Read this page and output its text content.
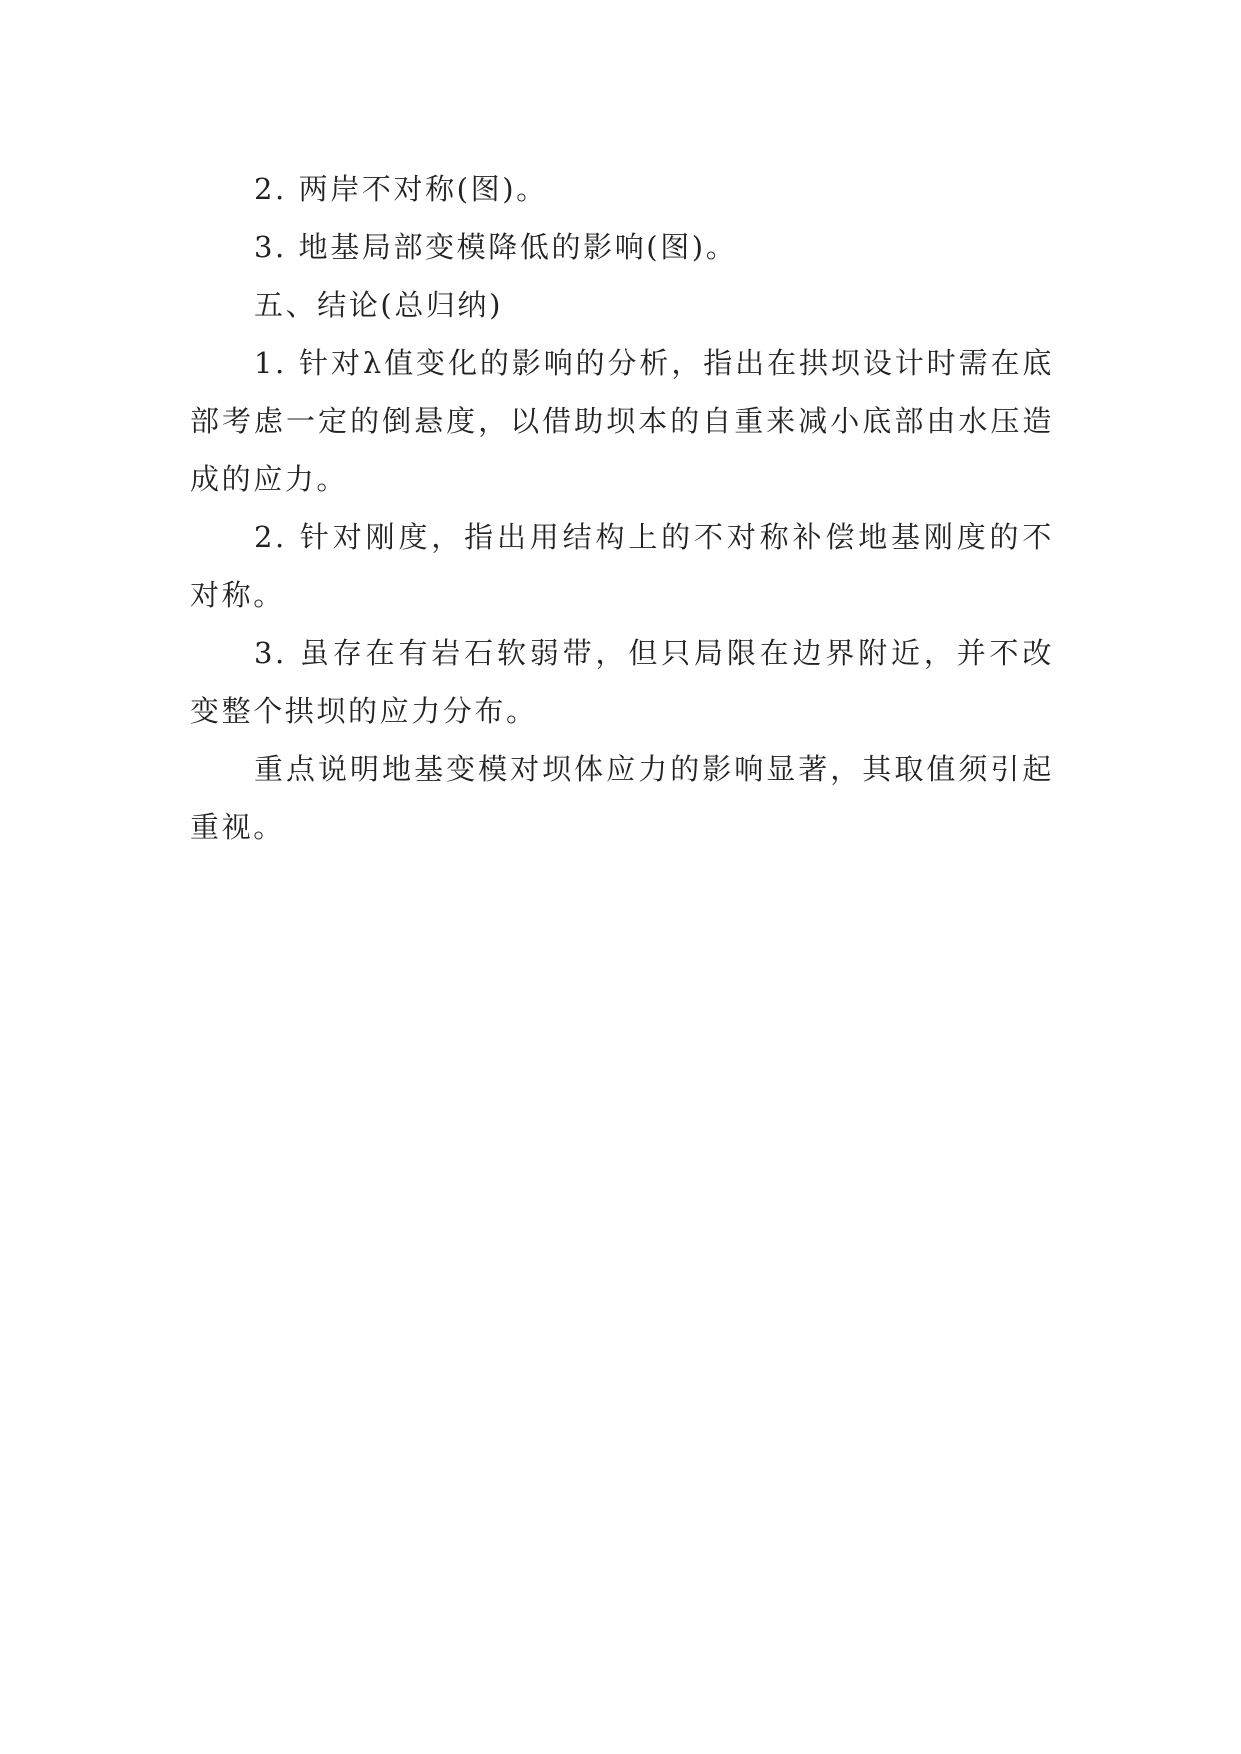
2. 两岸不对称(图)。

3. 地基局部变模降低的影响(图)。

五、结论(总归纳)

1. 针对λ值变化的影响的分析，指出在拱坝设计时需在底部考虑一定的倒悬度，以借助坝本的自重来减小底部由水压造成的应力。

2. 针对刚度，指出用结构上的不对称补偿地基刚度的不对称。

3. 虽存在有岩石软弱带，但只局限在边界附近，并不改变整个拱坝的应力分布。

重点说明地基变模对坝体应力的影响显著，其取值须引起重视。
